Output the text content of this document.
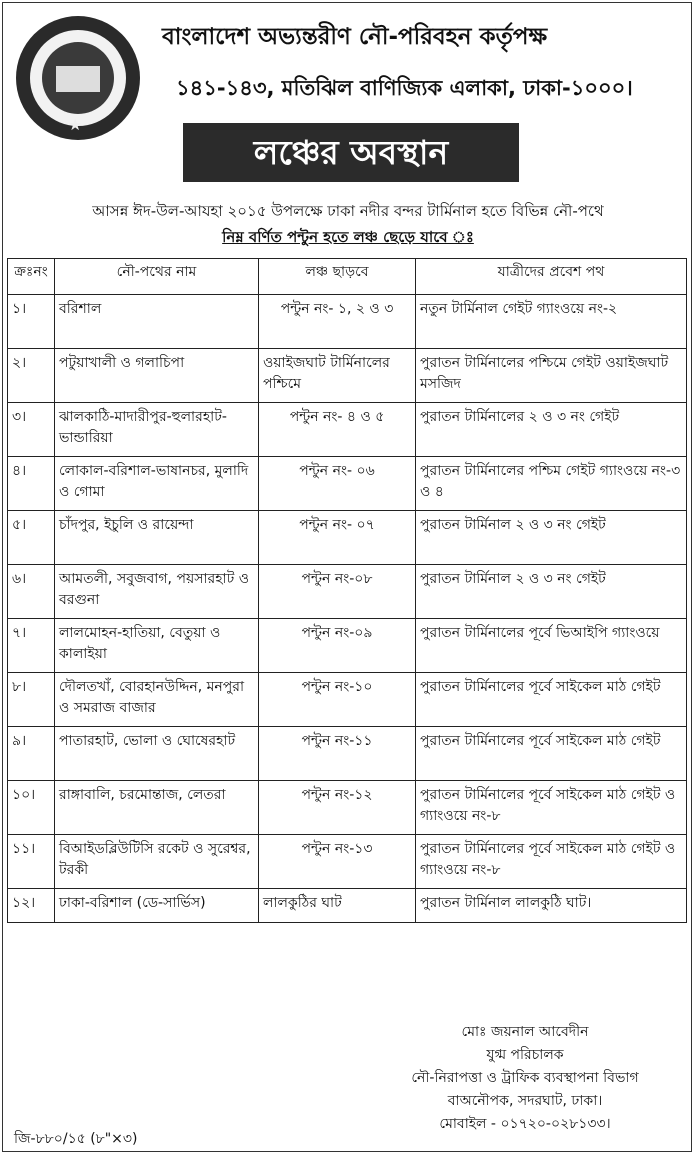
★
বাংলাদেশ অভ্যন্তরীণ নৌ-পরিবহন কর্তৃপক্ষ
১৪১-১৪৩, মতিঝিল বাণিজ্যিক এলাকা, ঢাকা-১০০০।
লঞ্চের অবস্থান
আসন্ন ঈদ-উল-আযহা ২০১৫ উপলক্ষে ঢাকা নদীর বন্দর টার্মিনাল হতে বিভিন্ন নৌ-পথে
নিম্ন বর্ণিত পন্টুন হতে লঞ্চ ছেড়ে যাবে ঃ
ক্রঃনং	নৌ-পথের নাম	লঞ্চ ছাড়বে	যাত্রীদের প্রবেশ পথ
১।	বরিশাল	পন্টুন নং- ১, ২ ও ৩	নতুন টার্মিনাল গেইট গ্যাংওয়ে নং-২
২।	পটুয়াখালী ও গলাচিপা	ওয়াইজঘাট টার্মিনালের পশ্চিমে	পুরাতন টার্মিনালের পশ্চিমে গেইট ওয়াইজঘাট মসজিদ
৩।	ঝালকাঠি-মাদারীপুর-হুলারহাট-ভান্ডারিয়া	পন্টুন নং- ৪ ও ৫	পুরাতন টার্মিনালের ২ ও ৩ নং গেইট
৪।	লোকাল-বরিশাল-ভাষানচর, মুলাদি ও গোমা	পন্টুন নং- ০৬	পুরাতন টার্মিনালের পশ্চিম গেইট গ্যাংওয়ে নং-৩ ও ৪
৫।	চাঁদপুর, ইচুলি ও রায়েন্দা	পন্টুন নং- ০৭	পুরাতন টার্মিনাল ২ ও ৩ নং গেইট
৬।	আমতলী, সবুজবাগ, পয়সারহাট ও বরগুনা	পন্টুন নং-০৮	পুরাতন টার্মিনাল ২ ও ৩ নং গেইট
৭।	লালমোহন-হাতিয়া, বেতুয়া ও কালাইয়া	পন্টুন নং-০৯	পুরাতন টার্মিনালের পূর্বে ভিআইপি গ্যাংওয়ে
৮।	দৌলতখাঁ, বোরহানউদ্দিন, মনপুরা ও সমরাজ বাজার	পন্টুন নং-১০	পুরাতন টার্মিনালের পূর্বে সাইকেল মাঠ গেইট
৯।	পাতারহাট, ভোলা ও ঘোষেরহাট	পন্টুন নং-১১	পুরাতন টার্মিনালের পূর্বে সাইকেল মাঠ গেইট
১০।	রাঙ্গাবালি, চরমোন্তাজ, লেতরা	পন্টুন নং-১২	পুরাতন টার্মিনালের পূর্বে সাইকেল মাঠ গেইট ও গ্যাংওয়ে নং-৮
১১।	বিআইডব্লিউটিসি রকেট ও সুরেশ্বর, টরকী	পন্টুন নং-১৩	পুরাতন টার্মিনালের পূর্বে সাইকেল মাঠ গেইট ও গ্যাংওয়ে নং-৮
১২।	ঢাকা-বরিশাল (ডে-সার্ভিস)	লালকুঠির ঘাট	পুরাতন টার্মিনাল লালকুঠি ঘাট।
মোঃ জয়নাল আবেদীন
যুগ্ম পরিচালক
নৌ-নিরাপত্তা ও ট্রাফিক ব্যবস্থাপনা বিভাগ
বাঅনৌপক, সদরঘাট, ঢাকা।
মোবাইল - ০১৭২০-০২৮১৩৩।
জি-৮৮০/১৫ (৮"×৩)
